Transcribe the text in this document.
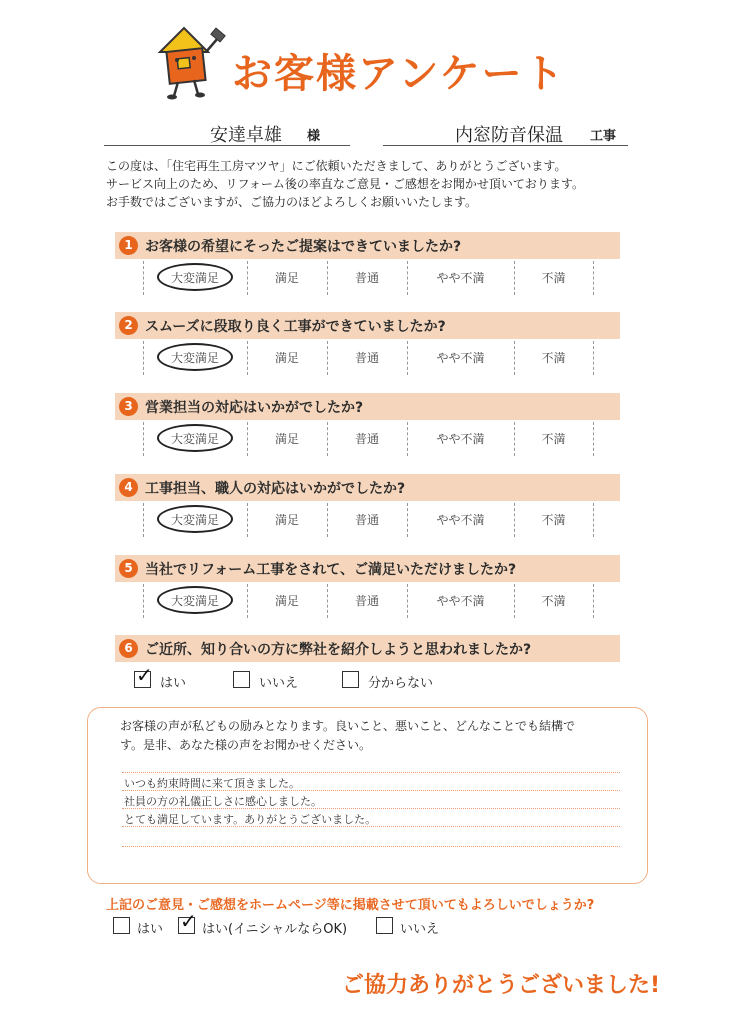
お客様アンケート
安達卓雄 様	内窓防音保温 工事
この度は、「住宅再生工房マツヤ」にご依頼いただきまして、ありがとうございます。
サービス向上のため、リフォーム後の率直なご意見・ご感想をお聞かせ頂いております。
お手数ではございますが、ご協力のほどよろしくお願いいたします。
1 お客様の希望にそったご提案はできていましたか?
大変満足	満足	普通	やや不満	不満
2 スムーズに段取り良く工事ができていましたか?
大変満足	満足	普通	やや不満	不満
3 営業担当の対応はいかがでしたか?
大変満足	満足	普通	やや不満	不満
4 工事担当、職人の対応はいかがでしたか?
大変満足	満足	普通	やや不満	不満
5 当社でリフォーム工事をされて、ご満足いただけましたか?
大変満足	満足	普通	やや不満	不満
6 ご近所、知り合いの方に弊社を紹介しようと思われましたか?
✓ はい	いいえ	分からない
お客様の声が私どもの励みとなります。良いこと、悪いこと、どんなことでも結構で
す。是非、あなた様の声をお聞かせください。
いつも約束時間に来て頂きました。
社員の方の礼儀正しさに感心しました。
とても満足しています。ありがとうございました。
上記のご意見・ご感想をホームページ等に掲載させて頂いてもよろしいでしょうか?
はい ✓ はい(イニシャルならOK)	いいえ
ご協力ありがとうございました!
